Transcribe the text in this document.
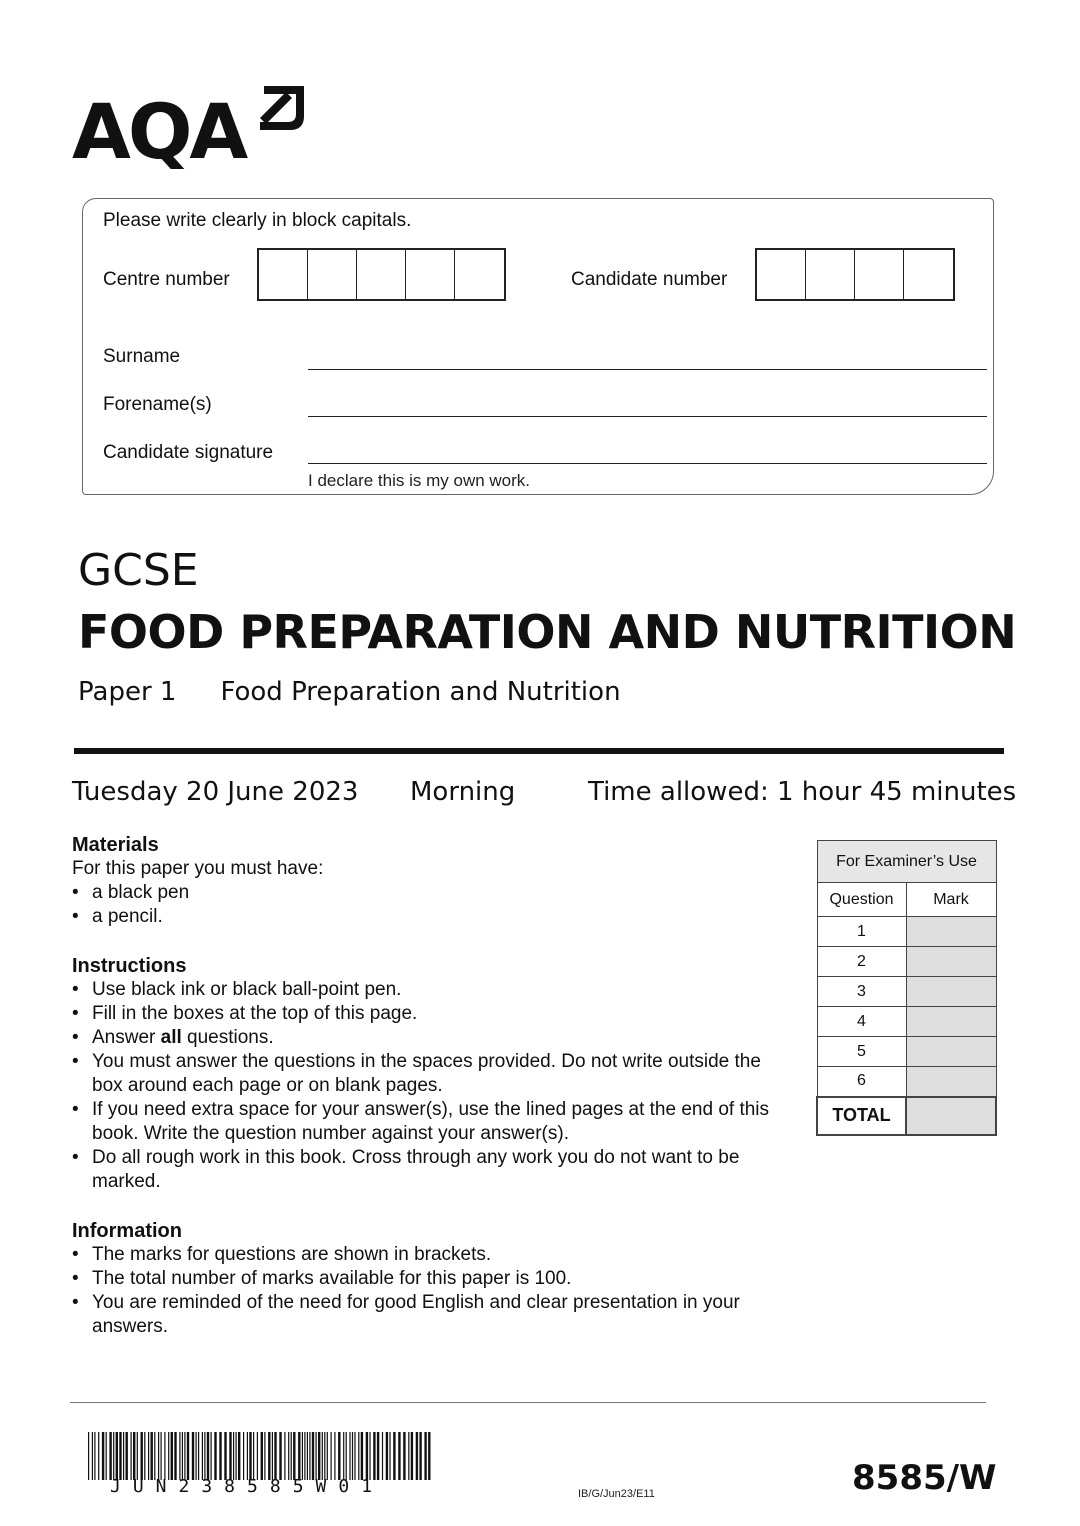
AQA
Please write clearly in block capitals.
Centre number	Candidate number
Surname
Forename(s)
Candidate signature
I declare this is my own work.
GCSE
FOOD PREPARATION AND NUTRITION
Paper 1 Food Preparation and Nutrition
Tuesday 20 June 2023 Morning	Time allowed: 1 hour 45 minutes
Materials

For this paper you must have:

• a black pen
• a pencil.
Instructions
• Use black ink or black ball-point pen.
• Fill in the boxes at the top of this page.
• Answer all questions.
• You must answer the questions in the spaces provided. Do not write outside the box around each page or on blank pages.
• If you need extra space for your answer(s), use the lined pages at the end of this book. Write the question number against your answer(s).
• Do all rough work in this book. Cross through any work you do not want to be marked.
Information
• The marks for questions are shown in brackets.
• The total number of marks available for this paper is 100.
• You are reminded of the need for good English and clear presentation in your answers.
For Examiner’s Use	
Question	Mark
1	
2	
3	
4	
5	
6	
TOTAL	
JUN238585W01	IB/G/Jun23/E11	8585/W
